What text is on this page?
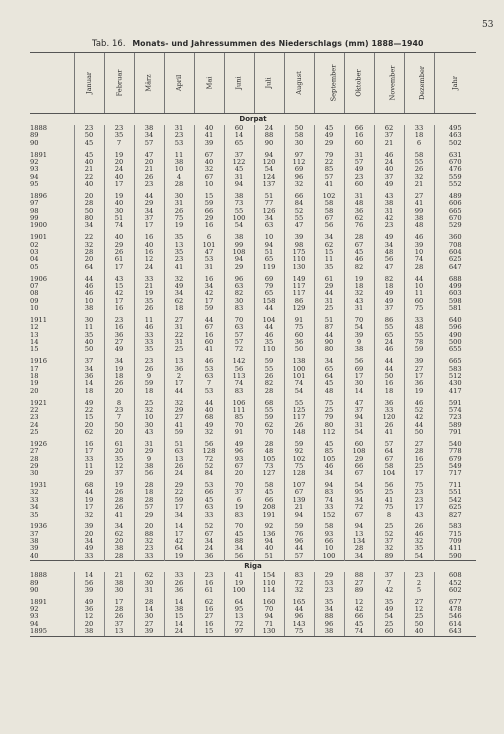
53
Tab. 16. Monats- und Jahressummen des Niederschlags (mm) 1888—1940
	Januar	Februar	März	April	Mai	Juni	Juli	August	September	Oktober	November	Dezember	Jahr
Dorpat													
1888	23	23	38	31	40	60	24	50	45	66	62	33	495
89	50	35	34	23	41	14	88	58	49	16	37	18	463
90	45	7	57	53	39	65	90	30	29	60	21	6	502

1891	45	19	47	11	67	37	94	97	79	31	46	58	631
92	40	20	20	38	40	122	120	112	22	57	24	55	670
93	21	24	21	10	32	45	54	69	85	49	40	26	476
94	22	40	26	4	67	31	124	96	57	23	37	32	559
95	40	17	23	28	10	94	137	32	41	60	49	21	552

1896	20	19	44	30	15	38	51	66	102	31	43	27	489
97	28	40	29	31	59	73	77	84	58	48	38	41	606
98	50	30	34	26	66	55	126	52	58	36	31	99	665
99	80	51	37	75	29	100	34	55	67	62	42	38	670
1900	34	74	17	19	16	54	63	47	56	76	23	48	529

1901	22	40	16	35	6	38	10	39	34	28	49	46	360
02	32	29	40	13	101	99	94	98	62	67	34	39	708
03	28	26	16	35	47	108	51	175	15	45	48	10	604
04	20	61	12	23	53	94	65	110	11	46	56	74	625
05	64	17	24	41	31	29	119	130	35	82	47	28	647

1906	44	43	33	32	16	96	69	149	61	19	82	44	688
07	46	15	21	49	34	63	79	117	29	18	18	10	499
08	46	42	19	34	42	82	65	117	44	32	49	11	603
09	10	17	35	62	17	30	158	86	31	43	49	60	598
10	38	16	26	18	59	83	44	129	25	31	37	75	581

1911	30	23	11	27	44	70	104	91	51	70	86	33	640
12	11	16	46	31	67	63	44	75	87	54	55	48	596
13	35	36	33	22	16	57	46	60	44	39	65	55	490
14	40	27	33	31	60	57	35	36	90	9	24	78	500
15	50	49	35	25	41	72	110	50	80	38	46	59	655

1916	37	34	23	13	46	142	59	138	34	56	44	39	665
17	34	19	26	36	53	56	55	100	65	69	44	27	583
18	36	18	9	2	63	113	26	101	64	17	50	17	512
19	14	26	59	17	7	74	82	74	45	30	16	36	430
20	18	20	18	44	53	83	28	54	48	14	18	19	417

1921	49	8	25	32	44	106	68	55	75	47	36	46	591
22	22	23	32	29	40	111	55	125	25	37	33	52	574
23	15	7	10	27	68	85	59	117	79	94	120	42	723
24	20	50	30	41	49	70	62	26	80	31	26	44	589
25	62	20	43	59	32	91	70	148	112	54	41	50	791

1926	16	61	31	51	56	49	28	59	45	60	57	27	540
27	17	20	29	63	128	96	48	92	85	108	64	28	778
28	33	35	9	13	72	93	105	102	105	29	67	16	679
29	11	12	38	26	52	67	73	75	46	66	58	25	549
30	29	37	56	24	84	20	127	128	34	67	104	17	717

1931	68	19	28	29	53	70	58	107	94	54	56	75	711
32	44	26	18	22	66	37	45	67	83	95	25	23	551
33	19	28	28	59	45	6	66	139	74	34	41	23	542
34	17	26	57	17	63	19	208	21	33	72	75	17	625
35	32	41	29	34	33	83	191	94	152	67	8	43	827

1936	39	34	20	14	52	70	92	59	58	94	25	26	583
37	20	62	88	17	67	45	136	76	93	13	52	46	715
38	34	20	32	42	34	88	94	96	66	134	37	32	709
39	49	38	23	64	24	34	40	44	10	28	32	35	411
40	33	28	33	19	36	56	51	57	100	34	89	54	590

Riga													
1888	14	21	62	33	23	41	154	83	29	88	37	23	608
89	56	38	30	26	16	19	110	72	53	27	7	2	452
90	39	30	31	36	61	100	114	32	23	89	42	5	602

1891	49	17	28	14	62	64	160	165	35	12	35	27	677
92	36	28	14	38	16	95	70	44	34	42	49	12	478
93	12	26	30	15	27	13	94	96	88	66	54	25	546
94	20	37	27	14	16	72	71	143	96	45	25	50	614
1895	38	13	39	24	15	97	130	75	38	74	60	40	643
